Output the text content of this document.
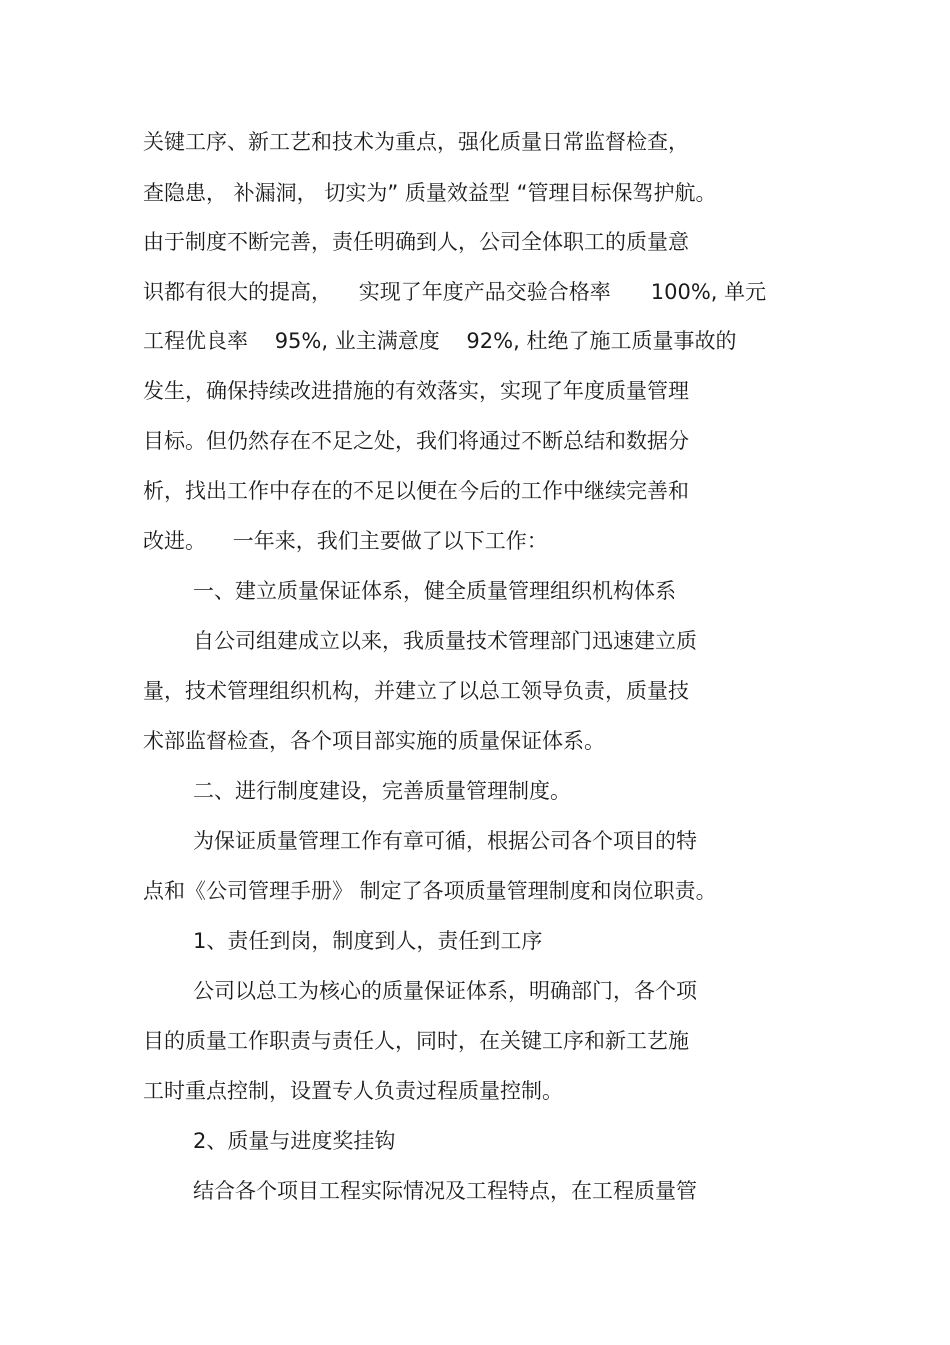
关键工序、新工艺和技术为重点，强化质量日常监督检查，
查隐患， 补漏洞， 切实为” 质量效益型 “管理目标保驾护航。
由于制度不断完善，责任明确到人，公司全体职工的质量意
识都有很大的提高，    实现了年度产品交验合格率      100%, 单元
工程优良率    95%, 业主满意度    92%, 杜绝了施工质量事故的
发生，确保持续改进措施的有效落实，实现了年度质量管理
目标。但仍然存在不足之处，我们将通过不断总结和数据分
析，找出工作中存在的不足以便在今后的工作中继续完善和
改进。    一年来，我们主要做了以下工作：
一、建立质量保证体系，健全质量管理组织机构体系
自公司组建成立以来，我质量技术管理部门迅速建立质
量，技术管理组织机构，并建立了以总工领导负责，质量技
术部监督检查，各个项目部实施的质量保证体系。
二、进行制度建设，完善质量管理制度。
为保证质量管理工作有章可循，根据公司各个项目的特
点和《公司管理手册》 制定了各项质量管理制度和岗位职责。
1、责任到岗，制度到人，责任到工序
公司以总工为核心的质量保证体系，明确部门，各个项
目的质量工作职责与责任人，同时，在关键工序和新工艺施
工时重点控制，设置专人负责过程质量控制。
2、质量与进度奖挂钩
结合各个项目工程实际情况及工程特点，在工程质量管
